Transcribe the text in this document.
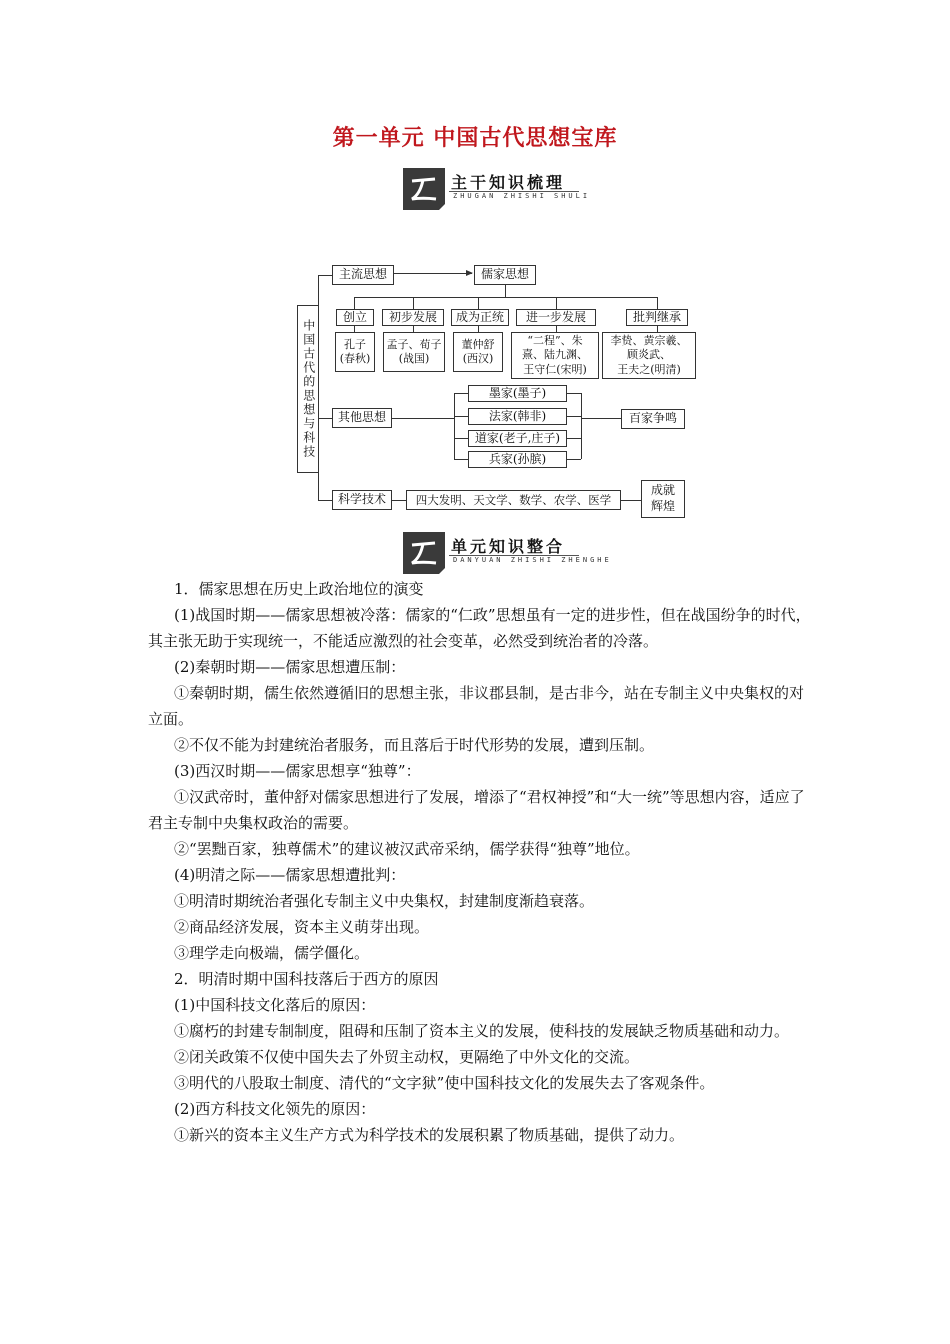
第一单元 中国古代思想宝库
主干知识梳理
ZHUGAN ZHISHI SHULI
中国古代的思想与科技
主流思想	儒家思想
创立	初步发展	成为正统	进一步发展	批判继承
孔子
(春秋)
孟子、荀子
(战国)
董仲舒
(西汉)
“二程”、朱
熹、陆九渊、
王守仁(宋明)
李贽、黄宗羲、
顾炎武、
王夫之(明清)
其他思想
墨家(墨子)
法家(韩非)
道家(老子,庄子)
兵家(孙膑)
百家争鸣
科学技术	四大发明、天文学、数学、农学、医学
成就
辉煌
单元知识整合
DANYUAN ZHISHI ZHENGHE

1．儒家思想在历史上政治地位的演变

(1)战国时期——儒家思想被冷落：儒家的“仁政”思想虽有一定的进步性，但在战国纷争的时代，其主张无助于实现统一，不能适应激烈的社会变革，必然受到统治者的冷落。

(2)秦朝时期——儒家思想遭压制：

①秦朝时期，儒生依然遵循旧的思想主张，非议郡县制，是古非今，站在专制主义中央集权的对立面。

②不仅不能为封建统治者服务，而且落后于时代形势的发展，遭到压制。

(3)西汉时期——儒家思想享“独尊”：

①汉武帝时，董仲舒对儒家思想进行了发展，增添了“君权神授”和“大一统”等思想内容，适应了君主专制中央集权政治的需要。

②“罢黜百家，独尊儒术”的建议被汉武帝采纳，儒学获得“独尊”地位。

(4)明清之际——儒家思想遭批判：

①明清时期统治者强化专制主义中央集权，封建制度渐趋衰落。

②商品经济发展，资本主义萌芽出现。

③理学走向极端，儒学僵化。

2．明清时期中国科技落后于西方的原因

(1)中国科技文化落后的原因：

①腐朽的封建专制制度，阻碍和压制了资本主义的发展，使科技的发展缺乏物质基础和动力。

②闭关政策不仅使中国失去了外贸主动权，更隔绝了中外文化的交流。

③明代的八股取士制度、清代的“文字狱”使中国科技文化的发展失去了客观条件。

(2)西方科技文化领先的原因：

①新兴的资本主义生产方式为科学技术的发展积累了物质基础，提供了动力。
